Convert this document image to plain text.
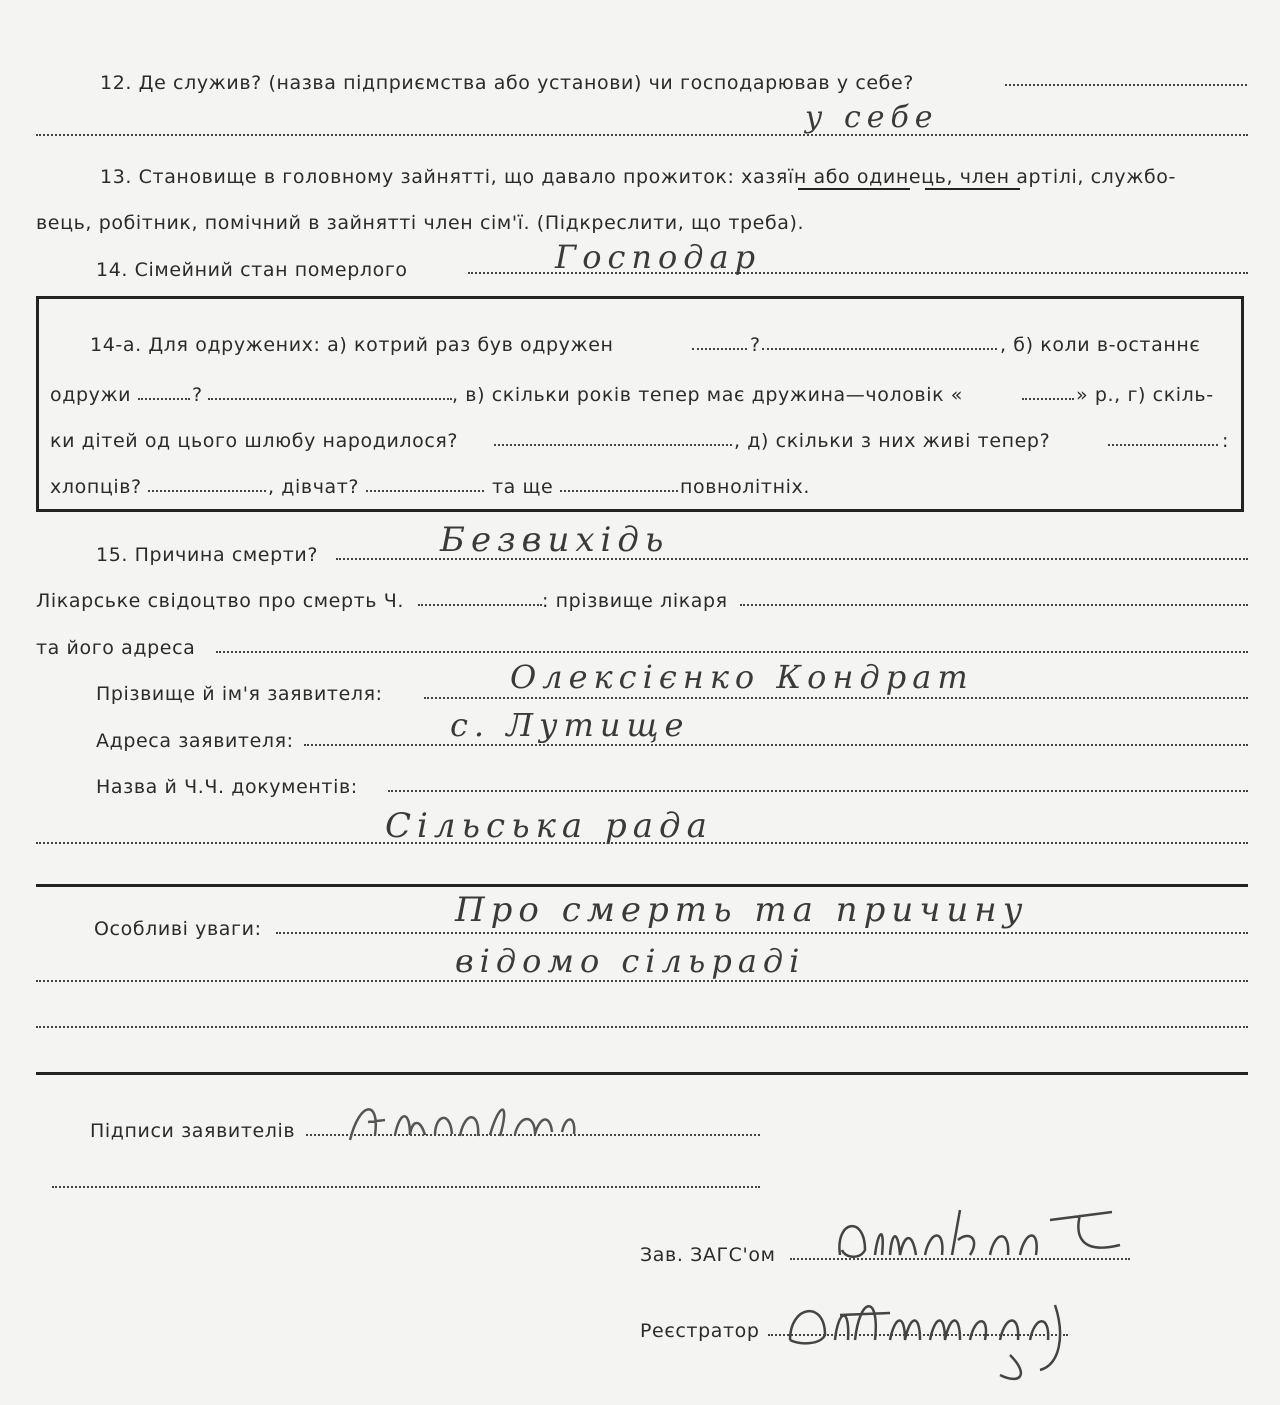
12. Де служив? (назва підприємства або установи) чи господарював у себе?
у себе
13. Становище в головному зайнятті, що давало прожиток: хазяїн або одинець, член артілі, службо-
вець, робітник, помічний в зайнятті член сім'ї. (Підкреслити, що треба).
14. Сімейний стан померлого	Господар
14-а. Для одружених: а) котрий раз був одружен	?	, б) коли в-останнє
одружи	?	, в) скільки років тепер має дружина—чоловік «	» р., г) скіль-
ки дітей од цього шлюбу народилося?	, д) скільки з них живі тепер?	:
хлопців?	, дівчат?	та ще	повнолітніх.
15. Причина смерти?	Безвихідь
Лікарське свідоцтво про смерть Ч.	: прізвище лікаря
та його адреса
Прізвище й ім'я заявителя:	Олексієнко Кондрат
Адреса заявителя:	с. Лутище
Назва й Ч.Ч. документів:
Сільська рада
Особливі уваги:	Про смерть та причину
відомо сільраді
Підписи заявителів
Зав. ЗАГС'ом
Реєстратор
